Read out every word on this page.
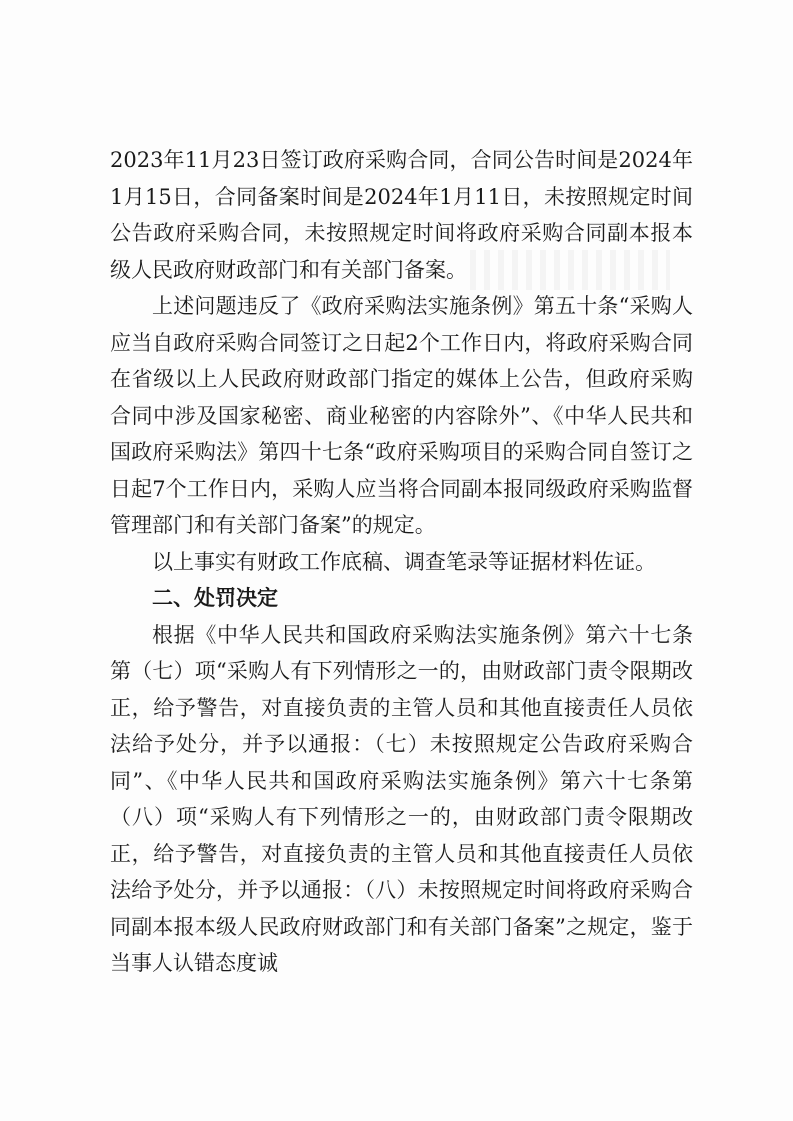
2023年11月23日签订政府采购合同，合同公告时间是2024年1月15日，合同备案时间是2024年1月11日，未按照规定时间公告政府采购合同，未按照规定时间将政府采购合同副本报本级人民政府财政部门和有关部门备案。

上述问题违反了《政府采购法实施条例》第五十条“采购人应当自政府采购合同签订之日起2个工作日内，将政府采购合同在省级以上人民政府财政部门指定的媒体上公告，但政府采购合同中涉及国家秘密、商业秘密的内容除外”、《中华人民共和国政府采购法》第四十七条“政府采购项目的采购合同自签订之日起7个工作日内，采购人应当将合同副本报同级政府采购监督管理部门和有关部门备案”的规定。

以上事实有财政工作底稿、调查笔录等证据材料佐证。

二、处罚决定

根据《中华人民共和国政府采购法实施条例》第六十七条第（七）项“采购人有下列情形之一的，由财政部门责令限期改正，给予警告，对直接负责的主管人员和其他直接责任人员依法给予处分，并予以通报：（七）未按照规定公告政府采购合同”、《中华人民共和国政府采购法实施条例》第六十七条第（八）项“采购人有下列情形之一的，由财政部门责令限期改正，给予警告，对直接负责的主管人员和其他直接责任人员依法给予处分，并予以通报：（八）未按照规定时间将政府采购合同副本报本级人民政府财政部门和有关部门备案”之规定，鉴于当事人认错态度诚
